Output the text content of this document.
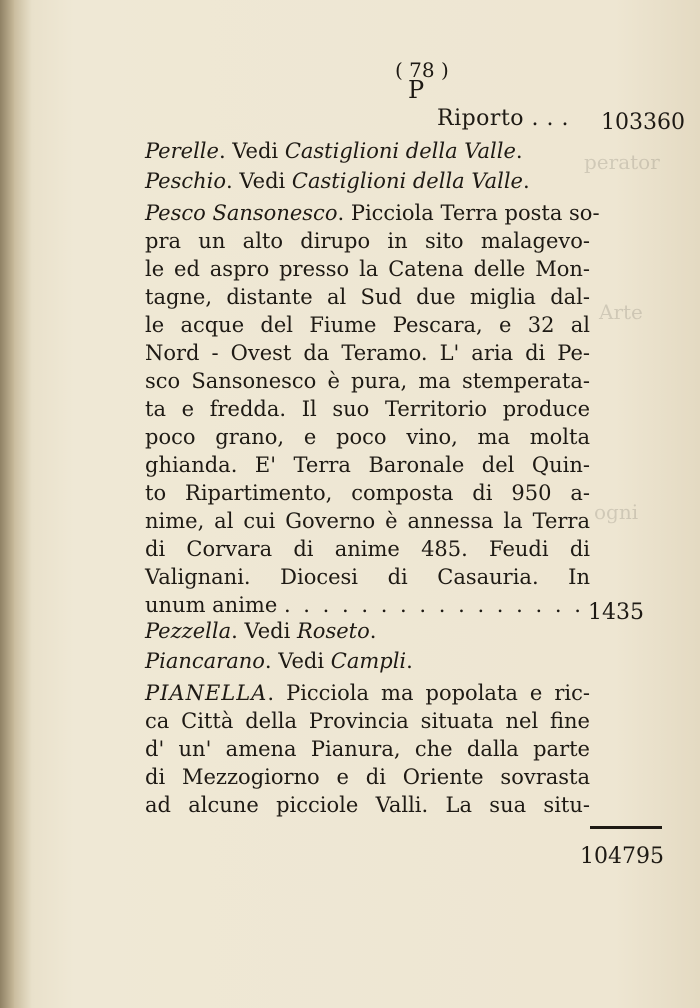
perator
Arte
ogni
( 78 )
P
Riporto . . . 103360
Perelle. Vedi Castiglioni della Valle.
Peschio. Vedi Castiglioni della Valle.
Pesco Sansonesco. Picciola Terra posta so-
pra un alto dirupo in sito malagevo-
le ed aspro presso la Catena delle Mon-
tagne, distante al Sud due miglia dal-
le acque del Fiume Pescara, e 32 al
Nord - Ovest da Teramo. L' aria di Pe-
sco Sansonesco è pura, ma stemperata-
ta e fredda. Il suo Territorio produce
poco grano, e poco vino, ma molta
ghianda. E' Terra Baronale del Quin-
to Ripartimento, composta di 950 a-
nime, al cui Governo è annessa la Terra
di Corvara di anime 485. Feudi di
Valignani. Diocesi di Casauria. In
unum anime . . . . . . . . . . . . . . . . 1435
Pezzella. Vedi Roseto.
Piancarano. Vedi Campli.
PIANELLA. Picciola ma popolata e ric-
ca Città della Provincia situata nel fine
d' un' amena Pianura, che dalla parte
di Mezzogiorno e di Oriente sovrasta
ad alcune picciole Valli. La sua situ-
104795
